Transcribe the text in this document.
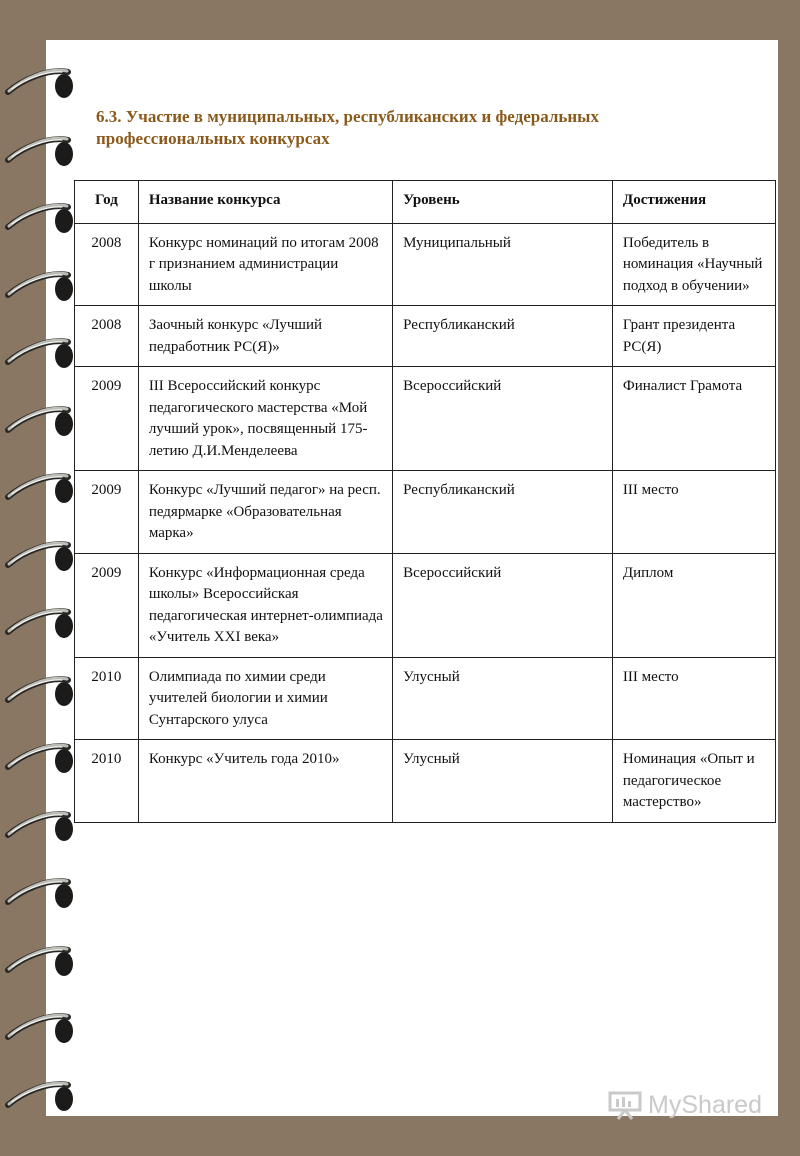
6.3. Участие в муниципальных, республиканских и федеральных профессиональных конкурсах
Год	Название конкурса	Уровень	Достижения
2008	Конкурс номинаций по итогам 2008 г признанием администрации школы	Муниципальный	Победитель в номинация «Научный подход в обучении»
2008	Заочный конкурс «Лучший педработник РС(Я)»	Республиканский	Грант президента РС(Я)
2009	III Всероссийский конкурс педагогического мастерства «Мой лучший урок», посвященный 175-летию Д.И.Менделеева	Всероссийский	Финалист Грамота
2009	Конкурс «Лучший педагог» на респ. педярмарке «Образовательная марка»	Республиканский	III место
2009	Конкурс «Информационная среда школы» Всероссийская педагогическая интернет-олимпиада «Учитель XXI века»	Всероссийский	Диплом
2010	Олимпиада по химии среди учителей биологии и химии Сунтарского улуса	Улусный	III место
2010	Конкурс «Учитель года 2010»	Улусный	Номинация «Опыт и педагогическое мастерство»
MyShared
